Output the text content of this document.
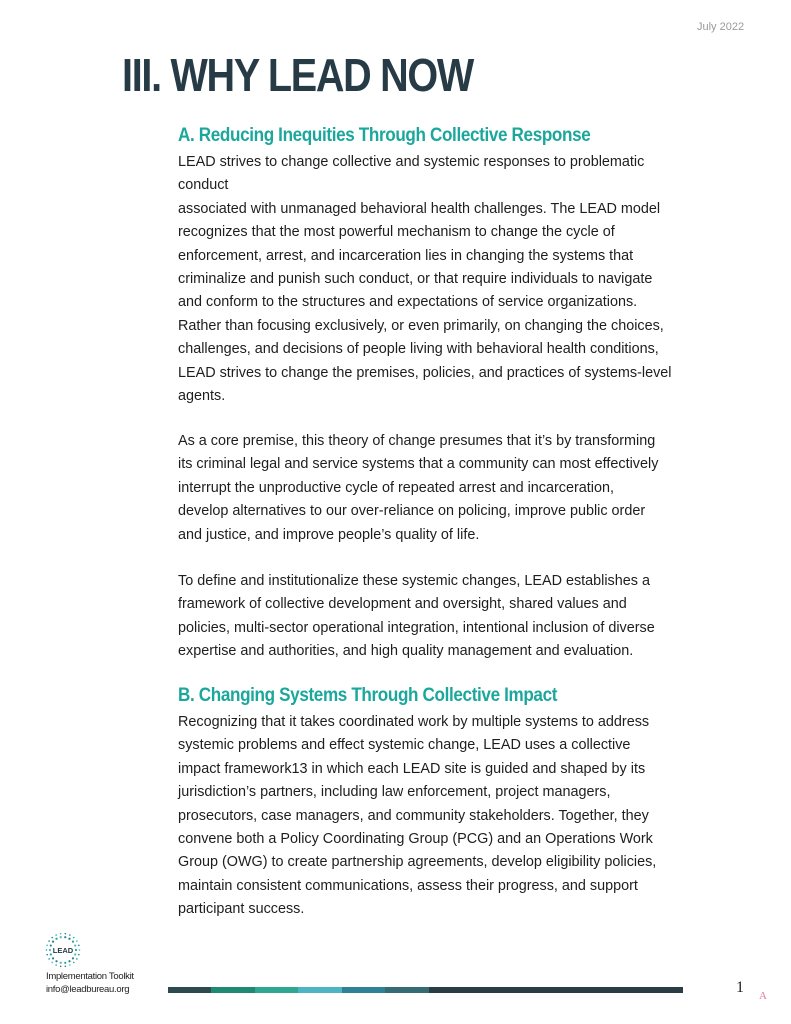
July 2022
III. WHY LEAD NOW
A. Reducing Inequities Through Collective Response

LEAD strives to change collective and systemic responses to problematic
conduct
associated with unmanaged behavioral health challenges. The LEAD model
recognizes that the most powerful mechanism to change the cycle of
enforcement, arrest, and incarceration lies in changing the systems that
criminalize and punish such conduct, or that require individuals to navigate
and conform to the structures and expectations of service organizations.
Rather than focusing exclusively, or even primarily, on changing the choices,
challenges, and decisions of people living with behavioral health conditions,
LEAD strives to change the premises, policies, and practices of systems-level
agents.

As a core premise, this theory of change presumes that it’s by transforming
its criminal legal and service systems that a community can most effectively
interrupt the unproductive cycle of repeated arrest and incarceration,
develop alternatives to our over-reliance on policing, improve public order
and justice, and improve people’s quality of life.

To define and institutionalize these systemic changes, LEAD establishes a
framework of collective development and oversight, shared values and
policies, multi-sector operational integration, intentional inclusion of diverse
expertise and authorities, and high quality management and evaluation.

B. Changing Systems Through Collective Impact

Recognizing that it takes coordinated work by multiple systems to address
systemic problems and effect systemic change, LEAD uses a collective
impact framework13 in which each LEAD site is guided and shaped by its
jurisdiction’s partners, including law enforcement, project managers,
prosecutors, case managers, and community stakeholders. Together, they
convene both a Policy Coordinating Group (PCG) and an Operations Work
Group (OWG) to create partnership agreements, develop eligibility policies,
maintain consistent communications, assess their progress, and support
participant success.

LEAD
Implementation Toolkit
info@leadbureau.org	1 A
